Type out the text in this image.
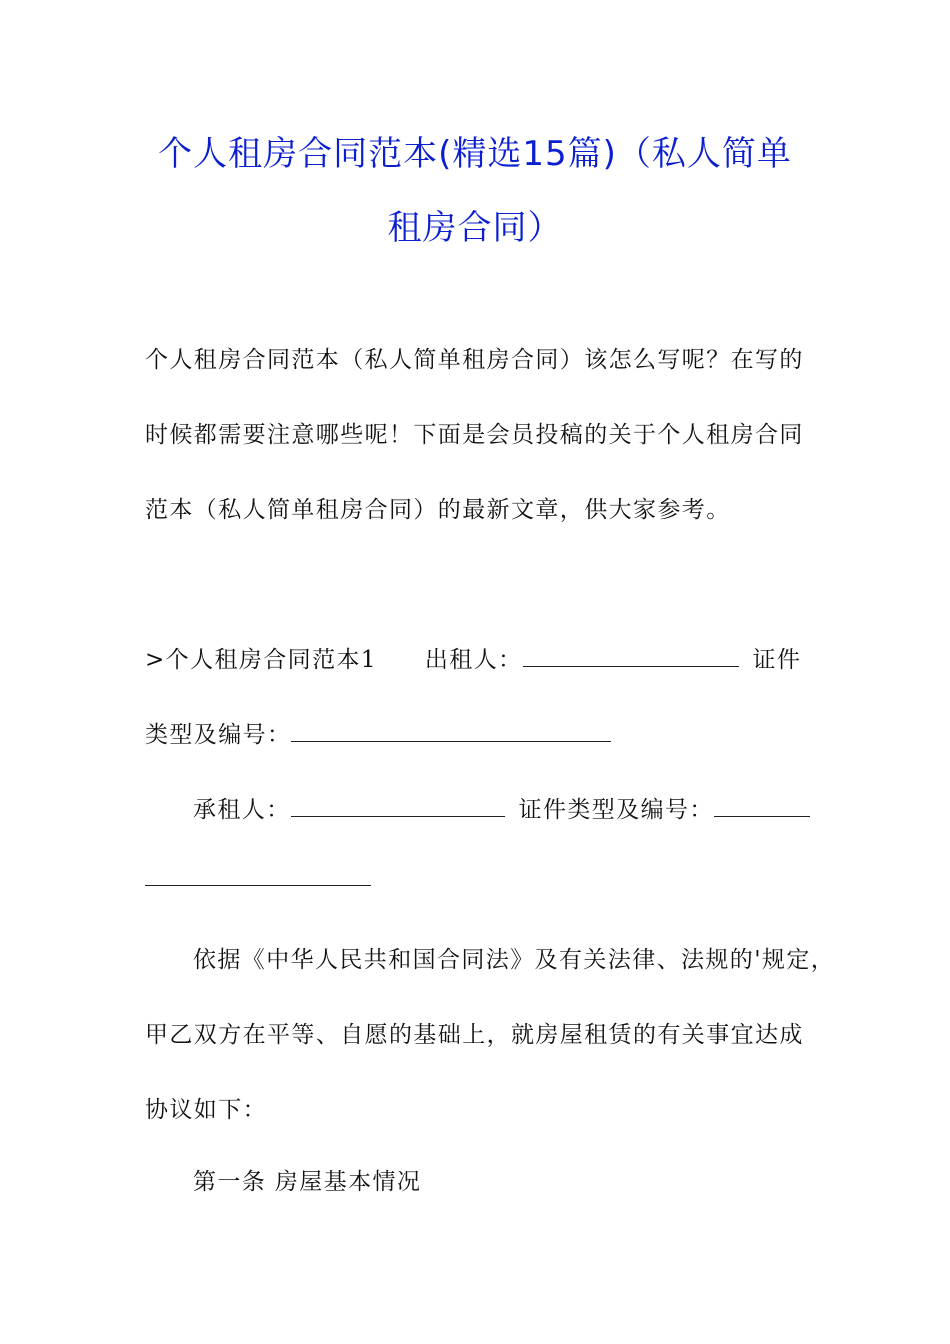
个人租房合同范本(精选15篇)（私人简单
租房合同）
个人租房合同范本（私人简单租房合同）该怎么写呢？在写的
时候都需要注意哪些呢！下面是会员投稿的关于个人租房合同
范本（私人简单租房合同）的最新文章，供大家参考。
>个人租房合同范本1 出租人：	证件
类型及编号：
承租人：	证件类型及编号：
依据《中华人民共和国合同法》及有关法律、法规的'规定，
甲乙双方在平等、自愿的基础上，就房屋租赁的有关事宜达成
协议如下：
第一条 房屋基本情况
